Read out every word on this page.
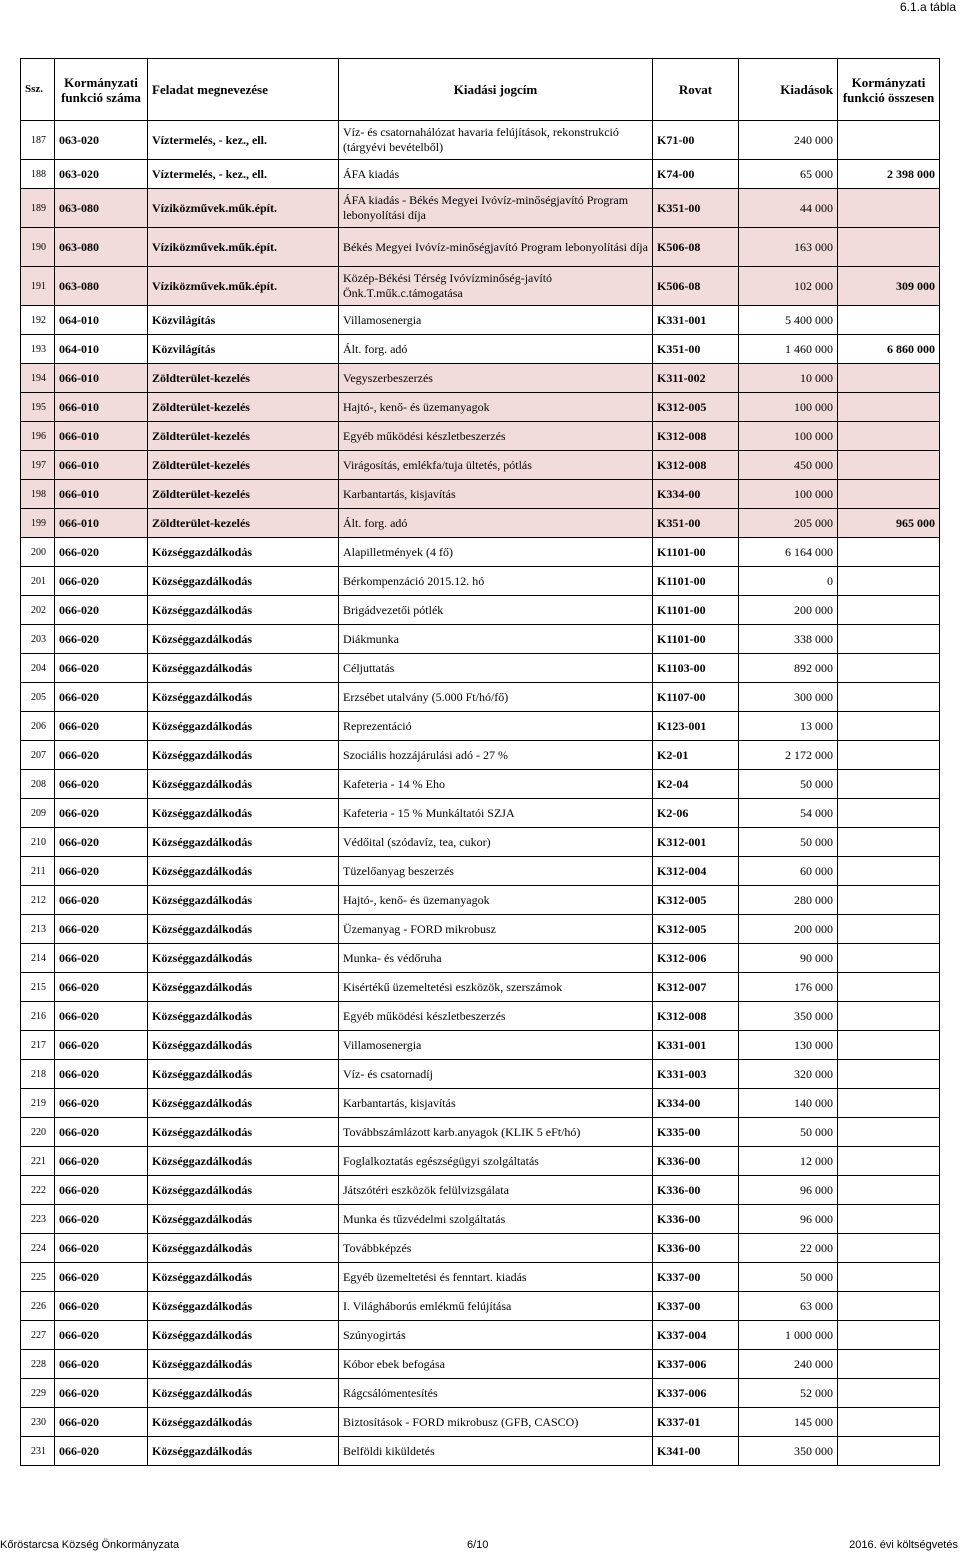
6.1.a tábla
Ssz.	Kormányzati funkció száma	Feladat megnevezése	Kiadási jogcím	Rovat	Kiadások	Kormányzati funkció összesen
187	063-020	Víztermelés, - kez., ell.	Víz- és csatornahálózat havaria felújítások, rekonstrukció (tárgyévi bevételből)	K71-00	240 000	
188	063-020	Víztermelés, - kez., ell.	ÁFA kiadás	K74-00	65 000	2 398 000
189	063-080	Víziközművek.műk.épít.	ÁFA kiadás - Békés Megyei Ivóvíz-minőségjavító Program lebonyolítási díja	K351-00	44 000	
190	063-080	Víziközművek.műk.épít.	Békés Megyei Ivóvíz-minőségjavító Program lebonyolítási díja	K506-08	163 000	
191	063-080	Víziközművek.műk.épít.	Közép-Békési Térség Ivóvízminőség-javító Önk.T.műk.c.támogatása	K506-08	102 000	309 000
192	064-010	Közvilágítás	Villamosenergia	K331-001	5 400 000	
193	064-010	Közvilágítás	Ált. forg. adó	K351-00	1 460 000	6 860 000
194	066-010	Zöldterület-kezelés	Vegyszerbeszerzés	K311-002	10 000	
195	066-010	Zöldterület-kezelés	Hajtó-, kenő- és üzemanyagok	K312-005	100 000	
196	066-010	Zöldterület-kezelés	Egyéb működési készletbeszerzés	K312-008	100 000	
197	066-010	Zöldterület-kezelés	Virágosítás, emlékfa/tuja ültetés, pótlás	K312-008	450 000	
198	066-010	Zöldterület-kezelés	Karbantartás, kisjavítás	K334-00	100 000	
199	066-010	Zöldterület-kezelés	Ált. forg. adó	K351-00	205 000	965 000
200	066-020	Községgazdálkodás	Alapilletmények (4 fő)	K1101-00	6 164 000	
201	066-020	Községgazdálkodás	Bérkompenzáció 2015.12. hó	K1101-00	0	
202	066-020	Községgazdálkodás	Brigádvezetői pótlék	K1101-00	200 000	
203	066-020	Községgazdálkodás	Diákmunka	K1101-00	338 000	
204	066-020	Községgazdálkodás	Céljuttatás	K1103-00	892 000	
205	066-020	Községgazdálkodás	Erzsébet utalvány (5.000 Ft/hó/fő)	K1107-00	300 000	
206	066-020	Községgazdálkodás	Reprezentáció	K123-001	13 000	
207	066-020	Községgazdálkodás	Szociális hozzájárulási adó - 27 %	K2-01	2 172 000	
208	066-020	Községgazdálkodás	Kafeteria - 14 % Eho	K2-04	50 000	
209	066-020	Községgazdálkodás	Kafeteria - 15 % Munkáltatói SZJA	K2-06	54 000	
210	066-020	Községgazdálkodás	Védőital (szódavíz, tea, cukor)	K312-001	50 000	
211	066-020	Községgazdálkodás	Tüzelőanyag beszerzés	K312-004	60 000	
212	066-020	Községgazdálkodás	Hajtó-, kenő- és üzemanyagok	K312-005	280 000	
213	066-020	Községgazdálkodás	Üzemanyag - FORD mikrobusz	K312-005	200 000	
214	066-020	Községgazdálkodás	Munka- és védőruha	K312-006	90 000	
215	066-020	Községgazdálkodás	Kisértékű üzemeltetési eszközök, szerszámok	K312-007	176 000	
216	066-020	Községgazdálkodás	Egyéb működési készletbeszerzés	K312-008	350 000	
217	066-020	Községgazdálkodás	Villamosenergia	K331-001	130 000	
218	066-020	Községgazdálkodás	Víz- és csatornadíj	K331-003	320 000	
219	066-020	Községgazdálkodás	Karbantartás, kisjavítás	K334-00	140 000	
220	066-020	Községgazdálkodás	Továbbszámlázott karb.anyagok (KLIK 5 eFt/hó)	K335-00	50 000	
221	066-020	Községgazdálkodás	Foglalkoztatás egészségügyi szolgáltatás	K336-00	12 000	
222	066-020	Községgazdálkodás	Játszótéri eszközök felülvizsgálata	K336-00	96 000	
223	066-020	Községgazdálkodás	Munka és tűzvédelmi szolgáltatás	K336-00	96 000	
224	066-020	Községgazdálkodás	Továbbképzés	K336-00	22 000	
225	066-020	Községgazdálkodás	Egyéb üzemeltetési és fenntart. kiadás	K337-00	50 000	
226	066-020	Községgazdálkodás	I. Világháborús emlékmű felújítása	K337-00	63 000	
227	066-020	Községgazdálkodás	Szúnyogirtás	K337-004	1 000 000	
228	066-020	Községgazdálkodás	Kóbor ebek befogása	K337-006	240 000	
229	066-020	Községgazdálkodás	Rágcsálómentesítés	K337-006	52 000	
230	066-020	Községgazdálkodás	Biztosítások - FORD mikrobusz (GFB, CASCO)	K337-01	145 000	
231	066-020	Községgazdálkodás	Belföldi kiküldetés	K341-00	350 000	
Kőröstarcsa Község Önkormányzata	6/10	2016. évi költségvetés
